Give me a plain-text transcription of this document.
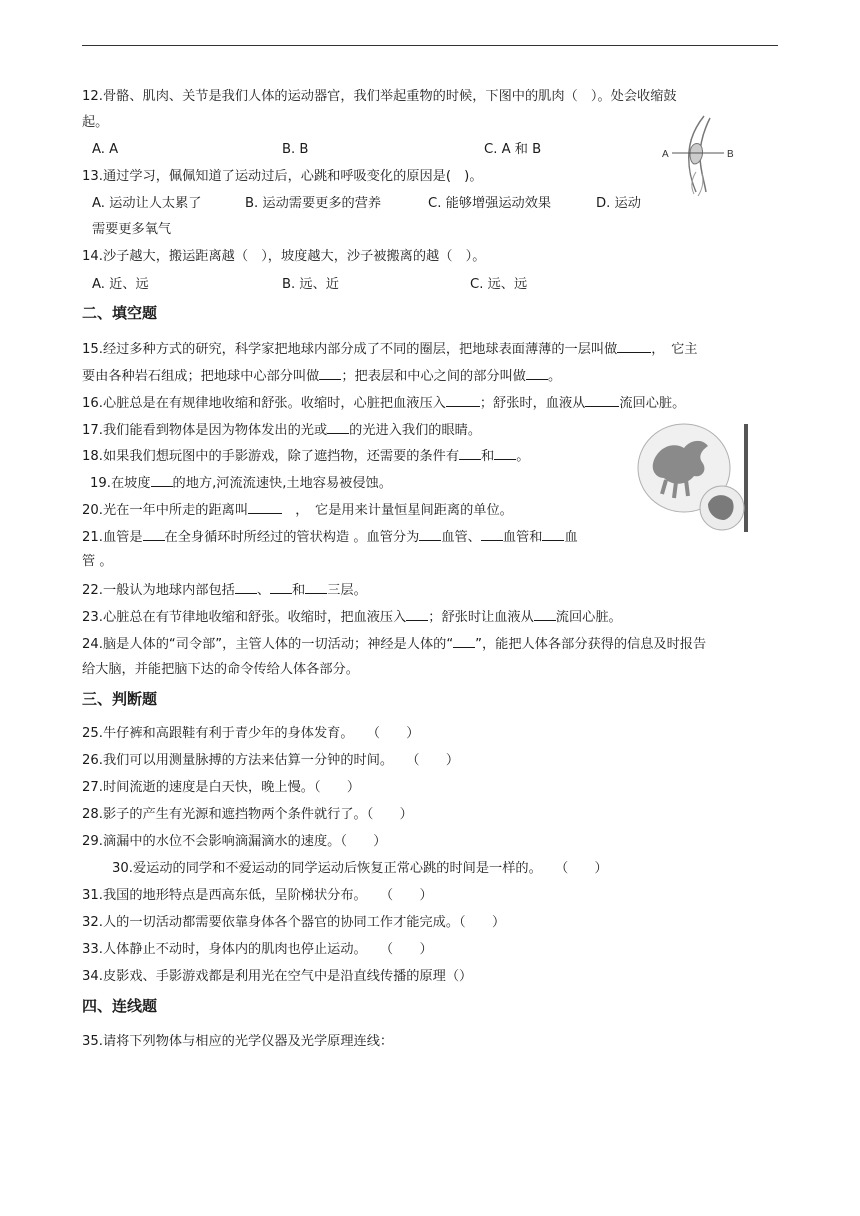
12.骨骼、肌肉、关节是我们人体的运动器官，我们举起重物的时候，下图中的肌肉（　）。处会收缩鼓
起。
A. A	B. B	C. A 和 B	A	B
13.通过学习，佩佩知道了运动过后，心跳和呼吸变化的原因是(　)。
A. 运动让人太累了	B. 运动需要更多的营养	C. 能够增强运动效果	D. 运动
需要更多氧气
14.沙子越大，搬运距离越（　），坡度越大，沙子被搬离的越（　）。
A. 近、远	B. 远、近	C. 远、远
二、填空题
15.经过多种方式的研究，科学家把地球内部分成了不同的圈层，把地球表面薄薄的一层叫做	，　它主
要由各种岩石组成；把地球中心部分叫做 ；把表层和中心之间的部分叫做 。
16.心脏总是在有规律地收缩和舒张。收缩时，心脏把血液压入	；舒张时，血液从	流回心脏。
17.我们能看到物体是因为物体发出的光或 的光进入我们的眼睛。
18.如果我们想玩图中的手影游戏，除了遮挡物，还需要的条件有 和 。
19.在坡度 的地方,河流流速快,土地容易被侵蚀。
20.光在一年中所走的距离叫	　，　它是用来计量恒星间距离的单位。
21.血管是 在全身循环时所经过的管状构造 。血管分为 血管、 血管和 血
管 。
22.一般认为地球内部包括 、 和 三层。
23.心脏总在有节律地收缩和舒张。收缩时，把血液压入 ；舒张时让血液从 流回心脏。
24.脑是人体的“司令部”，主管人体的一切活动；神经是人体的“ ”，能把人体各部分获得的信息及时报告
给大脑，并能把脑下达的命令传给人体各部分。
三、判断题
25.牛仔裤和高跟鞋有利于青少年的身体发育。　　（　　）
26.我们可以用测量脉搏的方法来估算一分钟的时间。　　（　　）
27.时间流逝的速度是白天快，晚上慢。（　　）
28.影子的产生有光源和遮挡物两个条件就行了。（　　）
29.滴漏中的水位不会影响滴漏滴水的速度。（　　）
30.爱运动的同学和不爱运动的同学运动后恢复正常心跳的时间是一样的。　　（　　）
31.我国的地形特点是西高东低，呈阶梯状分布。　　（　　）
32.人的一切活动都需要依靠身体各个器官的协同工作才能完成。（　　）
33.人体静止不动时，身体内的肌肉也停止运动。　　（　　）
34.皮影戏、手影游戏都是利用光在空气中是沿直线传播的原理（）
四、连线题
35.请将下列物体与相应的光学仪器及光学原理连线：
